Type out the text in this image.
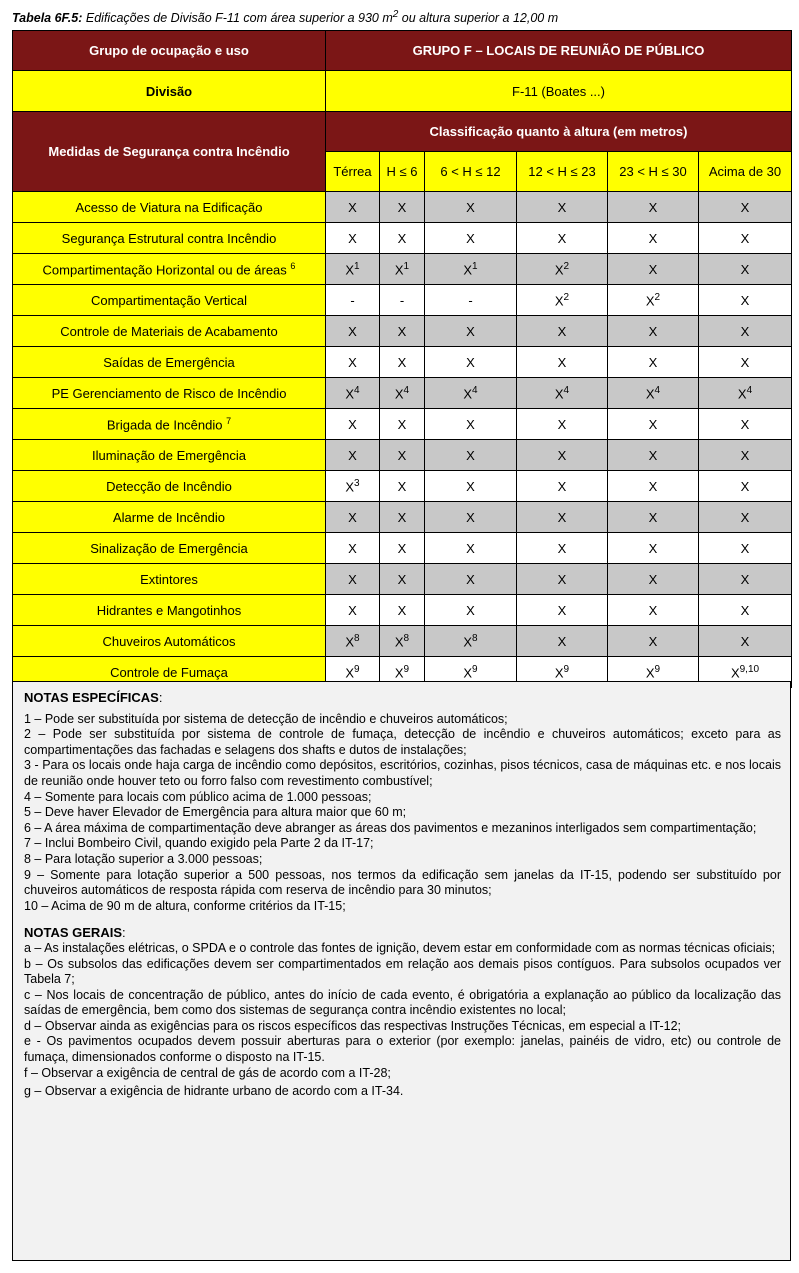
Tabela 6F.5: Edificações de Divisão F-11 com área superior a 930 $m^2$ ou altura superior a 12,00 m
Grupo de ocupação e uso	GRUPO F – LOCAIS DE REUNIÃO DE PÚBLICO					
Divisão	F-11 (Boates ...)					
Medidas de Segurança contra Incêndio	Classificação quanto à altura (em metros)					
	Térrea	H ≤ 6	6 < H ≤ 12	12 < H ≤ 23	23 < H ≤ 30	Acima de 30
Acesso de Viatura na Edificação	X	X	X	X	X	X
Segurança Estrutural contra Incêndio	X	X	X	X	X	X
Compartimentação Horizontal ou de áreas $^6$	$X^1$	$X^1$	$X^1$	$X^2$	X	X
Compartimentação Vertical	-	-	-	$X^2$	$X^2$	X
Controle de Materiais de Acabamento	X	X	X	X	X	X
Saídas de Emergência	X	X	X	X	X	X
PE Gerenciamento de Risco de Incêndio	$X^4$	$X^4$	$X^4$	$X^4$	$X^4$	$X^4$
Brigada de Incêndio $^7$	X	X	X	X	X	X
Iluminação de Emergência	X	X	X	X	X	X
Detecção de Incêndio	$X^3$	X	X	X	X	X
Alarme de Incêndio	X	X	X	X	X	X
Sinalização de Emergência	X	X	X	X	X	X
Extintores	X	X	X	X	X	X
Hidrantes e Mangotinhos	X	X	X	X	X	X
Chuveiros Automáticos	$X^8$	$X^8$	$X^8$	X	X	X
Controle de Fumaça	$X^9$	$X^9$	$X^9$	$X^9$	$X^9$	X$^{9,10}$
NOTAS ESPECÍFICAS:

1 – Pode ser substituída por sistema de detecção de incêndio e chuveiros automáticos;

2 – Pode ser substituída por sistema de controle de fumaça, detecção de incêndio e chuveiros automáticos; exceto para as compartimentações das fachadas e selagens dos shafts e dutos de instalações;

3 - Para os locais onde haja carga de incêndio como depósitos, escritórios, cozinhas, pisos técnicos, casa de máquinas etc. e nos locais de reunião onde houver teto ou forro falso com revestimento combustível;

4 – Somente para locais com público acima de 1.000 pessoas;

5 – Deve haver Elevador de Emergência para altura maior que 60 m;

6 – A área máxima de compartimentação deve abranger as áreas dos pavimentos e mezaninos interligados sem compartimentação;

7 – Inclui Bombeiro Civil, quando exigido pela Parte 2 da IT-17;

8 – Para lotação superior a 3.000 pessoas;

9 – Somente para lotação superior a 500 pessoas, nos termos da edificação sem janelas da IT-15, podendo ser substituído por chuveiros automáticos de resposta rápida com reserva de incêndio para 30 minutos;

10 – Acima de 90 m de altura, conforme critérios da IT-15;

NOTAS GERAIS:

a – As instalações elétricas, o SPDA e o controle das fontes de ignição, devem estar em conformidade com as normas técnicas oficiais;

b – Os subsolos das edificações devem ser compartimentados em relação aos demais pisos contíguos. Para subsolos ocupados ver Tabela 7;

c – Nos locais de concentração de público, antes do início de cada evento, é obrigatória a explanação ao público da localização das saídas de emergência, bem como dos sistemas de segurança contra incêndio existentes no local;

d – Observar ainda as exigências para os riscos específicos das respectivas Instruções Técnicas, em especial a IT-12;

e - Os pavimentos ocupados devem possuir aberturas para o exterior (por exemplo: janelas, painéis de vidro, etc) ou controle de fumaça, dimensionados conforme o disposto na IT-15.

f – Observar a exigência de central de gás de acordo com a IT-28;

g – Observar a exigência de hidrante urbano de acordo com a IT-34.
